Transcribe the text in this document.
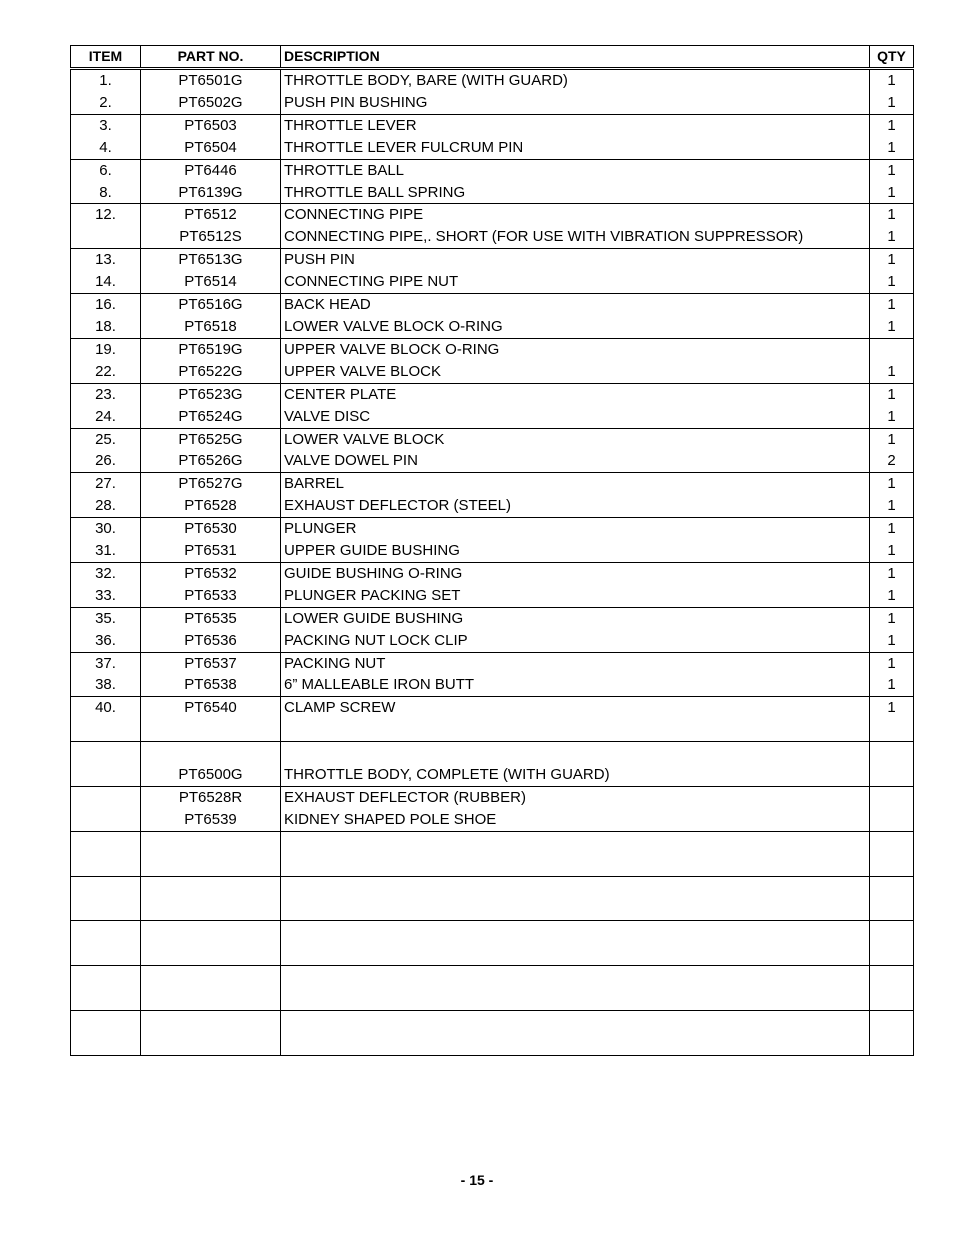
ITEM	PART NO.	DESCRIPTION	QTY
1.	PT6501G	THROTTLE BODY, BARE (WITH GUARD)	1
2.	PT6502G	PUSH PIN BUSHING	1
3.	PT6503	THROTTLE LEVER	1
4.	PT6504	THROTTLE LEVER FULCRUM PIN	1
6.	PT6446	THROTTLE BALL	1
8.	PT6139G	THROTTLE BALL SPRING	1
12.	PT6512	CONNECTING PIPE	1
	PT6512S	CONNECTING PIPE,. SHORT (FOR USE WITH VIBRATION SUPPRESSOR)	1
13.	PT6513G	PUSH PIN	1
14.	PT6514	CONNECTING PIPE NUT	1
16.	PT6516G	BACK HEAD	1
18.	PT6518	LOWER VALVE BLOCK O-RING	1
19.	PT6519G	UPPER VALVE BLOCK O-RING	
22.	PT6522G	UPPER VALVE BLOCK	1
23.	PT6523G	CENTER PLATE	1
24.	PT6524G	VALVE DISC	1
25.	PT6525G	LOWER VALVE BLOCK	1
26.	PT6526G	VALVE DOWEL PIN	2
27.	PT6527G	BARREL	1
28.	PT6528	EXHAUST DEFLECTOR (STEEL)	1
30.	PT6530	PLUNGER	1
31.	PT6531	UPPER GUIDE BUSHING	1
32.	PT6532	GUIDE BUSHING O-RING	1
33.	PT6533	PLUNGER PACKING SET	1
35.	PT6535	LOWER GUIDE BUSHING	1
36.	PT6536	PACKING NUT LOCK CLIP	1
37.	PT6537	PACKING NUT	1
38.	PT6538	6” MALLEABLE IRON BUTT	1
40.	PT6540	CLAMP SCREW	1

	PT6500G	THROTTLE BODY, COMPLETE (WITH GUARD)	
	PT6528R	EXHAUST DEFLECTOR (RUBBER)	
	PT6539	KIDNEY SHAPED POLE SHOE	

- 15 -
